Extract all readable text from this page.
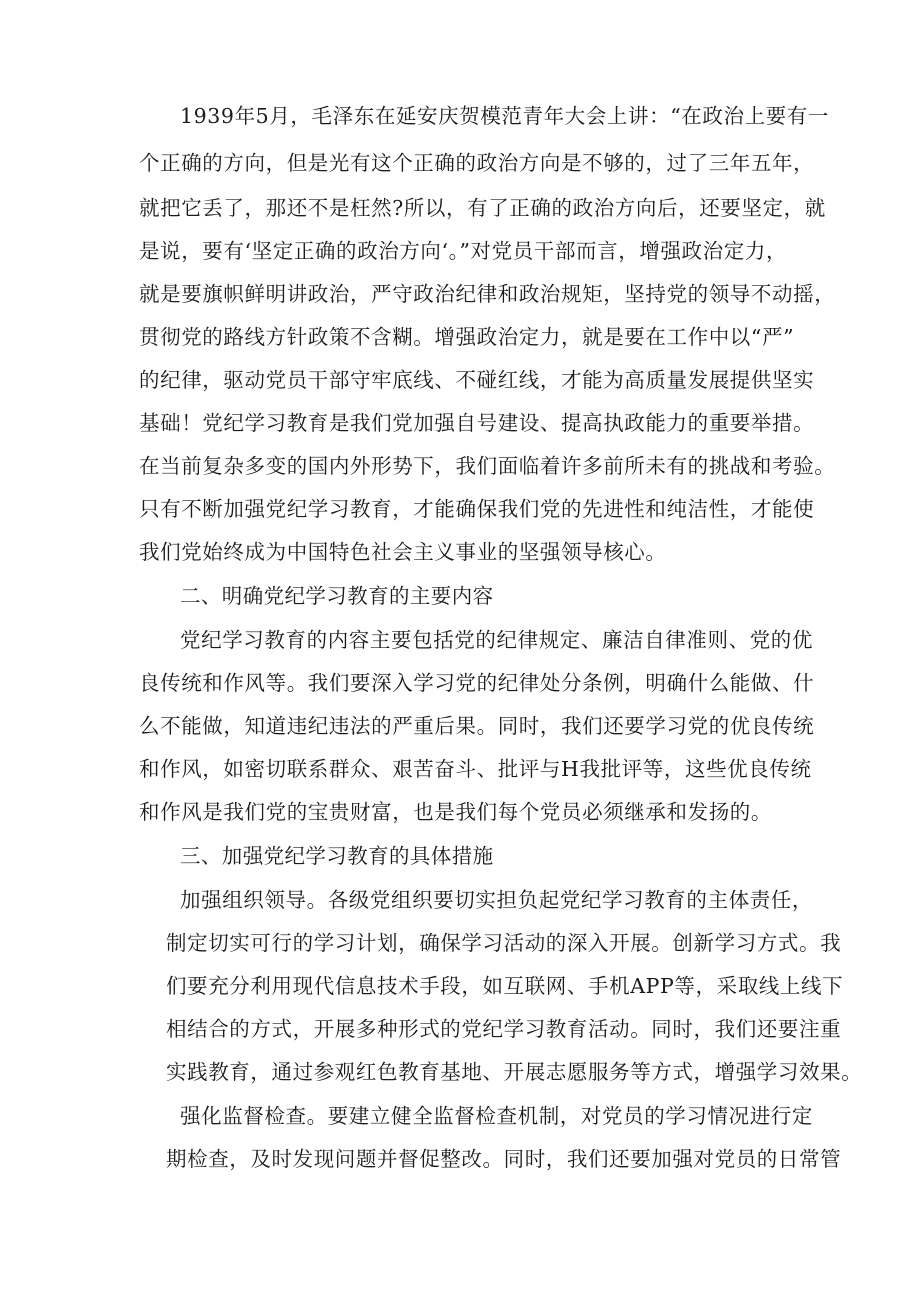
1939年5月，毛泽东在延安庆贺模范青年大会上讲：“在政治上要有一
个正确的方向，但是光有这个正确的政治方向是不够的，过了三年五年，
就把它丢了，那还不是枉然?所以，有了正确的政治方向后，还要坚定，就
是说，要有‘坚定正确的政治方向‘。”对党员干部而言，增强政治定力，
就是要旗帜鲜明讲政治，严守政治纪律和政治规矩，坚持党的领导不动摇，
贯彻党的路线方针政策不含糊。增强政治定力，就是要在工作中以“严”
的纪律，驱动党员干部守牢底线、不碰红线，才能为高质量发展提供坚实
基础！党纪学习教育是我们党加强自号建设、提高执政能力的重要举措。
在当前复杂多变的国内外形势下，我们面临着许多前所未有的挑战和考验。
只有不断加强党纪学习教育，才能确保我们党的先进性和纯洁性，才能使
我们党始终成为中国特色社会主义事业的坚强领导核心。
二、明确党纪学习教育的主要内容
党纪学习教育的内容主要包括党的纪律规定、廉洁自律准则、党的优
良传统和作风等。我们要深入学习党的纪律处分条例，明确什么能做、什
么不能做，知道违纪违法的严重后果。同时，我们还要学习党的优良传统
和作风，如密切联系群众、艰苦奋斗、批评与H我批评等，这些优良传统
和作风是我们党的宝贵财富，也是我们每个党员必须继承和发扬的。
三、加强党纪学习教育的具体措施
加强组织领导。各级党组织要切实担负起党纪学习教育的主体责任，
制定切实可行的学习计划，确保学习活动的深入开展。创新学习方式。我
们要充分利用现代信息技术手段，如互联网、手机APP等，采取线上线下
相结合的方式，开展多种形式的党纪学习教育活动。同时，我们还要注重
实践教育，通过参观红色教育基地、开展志愿服务等方式，增强学习效果。
强化监督检查。要建立健全监督检查机制，对党员的学习情况进行定
期检查，及时发现问题并督促整改。同时，我们还要加强对党员的日常管
